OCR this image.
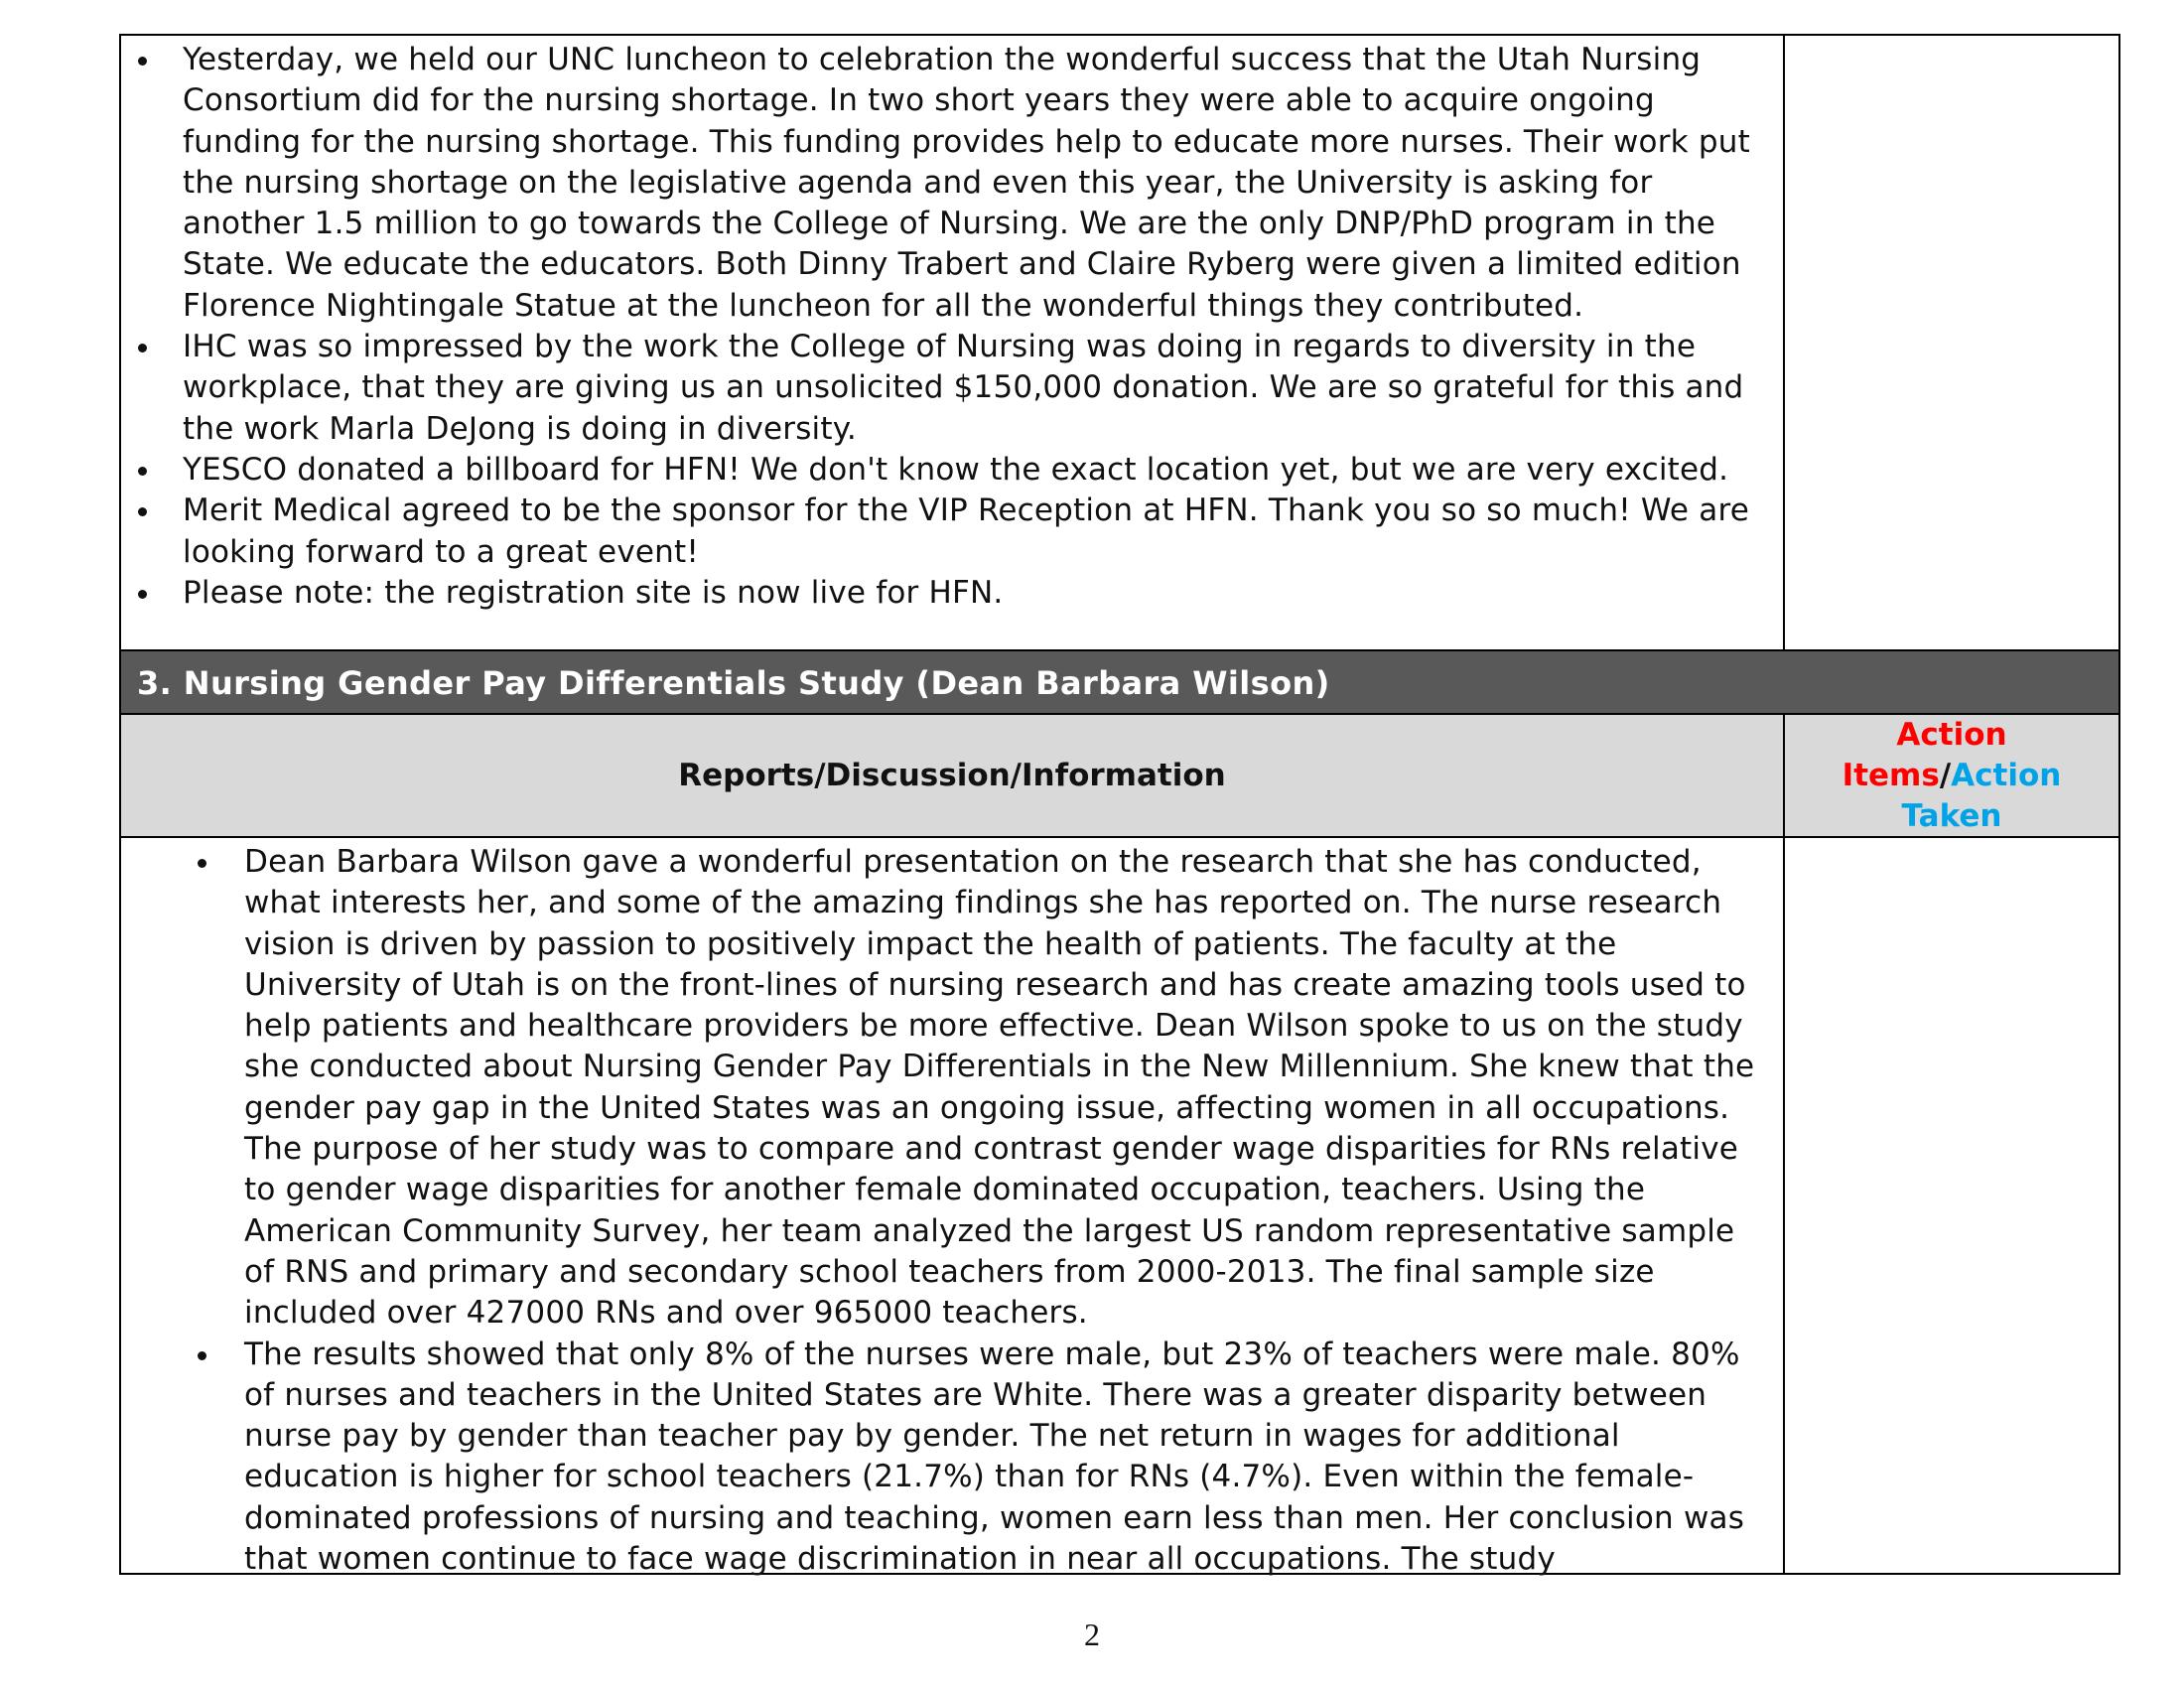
Yesterday, we held our UNC luncheon to celebration the wonderful success that the Utah Nursing Consortium did for the nursing shortage. In two short years they were able to acquire ongoing funding for the nursing shortage. This funding provides help to educate more nurses. Their work put the nursing shortage on the legislative agenda and even this year, the University is asking for another 1.5 million to go towards the College of Nursing. We are the only DNP/PhD program in the State. We educate the educators. Both Dinny Trabert and Claire Ryberg were given a limited edition Florence Nightingale Statue at the luncheon for all the wonderful things they contributed.
IHC was so impressed by the work the College of Nursing was doing in regards to diversity in the workplace, that they are giving us an unsolicited $150,000 donation. We are so grateful for this and the work Marla DeJong is doing in diversity.
YESCO donated a billboard for HFN! We don't know the exact location yet, but we are very excited.
Merit Medical agreed to be the sponsor for the VIP Reception at HFN. Thank you so so much! We are looking forward to a great event!
Please note: the registration site is now live for HFN.
3. Nursing Gender Pay Differentials Study (Dean Barbara Wilson)
Reports/Discussion/Information
Action
Items/Action
Taken
Dean Barbara Wilson gave a wonderful presentation on the research that she has conducted, what interests her, and some of the amazing findings she has reported on. The nurse research vision is driven by passion to positively impact the health of patients. The faculty at the University of Utah is on the front-lines of nursing research and has create amazing tools used to help patients and healthcare providers be more effective. Dean Wilson spoke to us on the study she conducted about Nursing Gender Pay Differentials in the New Millennium. She knew that the gender pay gap in the United States was an ongoing issue, affecting women in all occupations. The purpose of her study was to compare and contrast gender wage disparities for RNs relative to gender wage disparities for another female dominated occupation, teachers. Using the American Community Survey, her team analyzed the largest US random representative sample of RNS and primary and secondary school teachers from 2000-2013. The final sample size included over 427000 RNs and over 965000 teachers.
The results showed that only 8% of the nurses were male, but 23% of teachers were male. 80% of nurses and teachers in the United States are White. There was a greater disparity between nurse pay by gender than teacher pay by gender. The net return in wages for additional education is higher for school teachers (21.7%) than for RNs (4.7%). Even within the female-dominated professions of nursing and teaching, women earn less than men. Her conclusion was that women continue to face wage discrimination in near all occupations. The study
2
